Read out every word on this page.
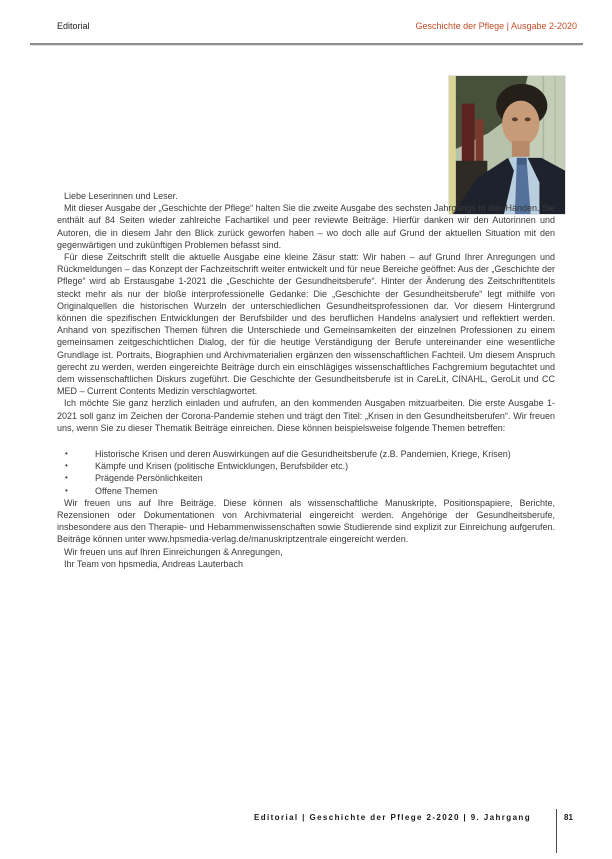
Editorial	Geschichte der Pflege | Ausgabe 2-2020

Liebe Leserinnen und Leser.

Mit dieser Ausgabe der „Geschichte der Pflege“ halten Sie die zweite Ausgabe des sechsten Jahrgangs in den Händen. Sie enthält auf 84 Seiten wieder zahlreiche Fachartikel und peer reviewte Beiträge. Hierfür danken wir den Autorinnen und Autoren, die in diesem Jahr den Blick zurück geworfen haben – wo doch alle auf Grund der aktuellen Situation mit den gegenwärtigen und zukünftigen Problemen befasst sind.

Für diese Zeitschrift stellt die aktuelle Ausgabe eine kleine Zäsur statt: Wir haben – auf Grund Ihrer Anregungen und Rückmeldungen – das Konzept der Fachzeitschrift weiter entwickelt und für neue Bereiche geöffnet: Aus der „Geschichte der Pflege“ wird ab Erstausgabe 1-2021 die „Geschichte der Gesundheitsberufe“. Hinter der Änderung des Zeitschriftentitels steckt mehr als nur der bloße interprofessionelle Gedanke: Die „Geschichte der Gesundheitsberufe“ legt mithilfe von Originalquellen die historischen Wurzeln der unterschiedlichen Gesundheitsprofessionen dar. Vor diesem Hintergrund können die spezifischen Entwicklungen der Berufsbilder und des beruflichen Handelns analysiert und reflektiert werden. Anhand von spezifischen Themen führen die Unterschiede und Gemeinsamkeiten der einzelnen Professionen zu einem gemeinsamen zeitgeschichtlichen Dialog, der für die heutige Verständigung der Berufe untereinander eine wesentliche Grundlage ist. Portraits, Biographien und Archivmaterialien ergänzen den wissenschaftlichen Fachteil. Um diesem Anspruch gerecht zu werden, werden eingereichte Beiträge durch ein einschlägiges wissenschaftliches Fachgremium begutachtet und dem wissenschaftlichen Diskurs zugeführt. Die Geschichte der Gesundheitsberufe ist in CareLit, CINAHL, GeroLit und CC MED – Current Contents Medizin verschlagwortet.

Ich möchte Sie ganz herzlich einladen und aufrufen, an den kommenden Ausgaben mitzuarbeiten. Die erste Ausgabe 1-2021 soll ganz im Zeichen der Corona-Pandemie stehen und trägt den Titel: „Krisen in den Gesundheitsberufen“. Wir freuen uns, wenn Sie zu dieser Thematik Beiträge einreichen. Diese können beispielsweise folgende Themen betreffen:

•	Historische Krisen und deren Auswirkungen auf die Gesundheitsberufe (z.B. Pandemien, Kriege, Krisen)
•	Kämpfe und Krisen (politische Entwicklungen, Berufsbilder etc.)
•	Prägende Persönlichkeiten
•	Offene Themen

Wir freuen uns auf Ihre Beiträge. Diese können als wissenschaftliche Manuskripte, Positionspapiere, Berichte, Rezensionen oder Dokumentationen von Archivmaterial eingereicht werden. Angehörige der Gesundheitsberufe, insbesondere aus den Therapie- und Hebammenwissenschaften sowie Studierende sind explizit zur Einreichung aufgerufen. Beiträge können unter www.hpsmedia-verlag.de/manuskriptzentrale eingereicht werden.

Wir freuen uns auf Ihren Einreichungen & Anregungen,

Ihr Team von hpsmedia, Andreas Lauterbach

Editorial | Geschichte der Pflege 2-2020 | 9. Jahrgang	81
